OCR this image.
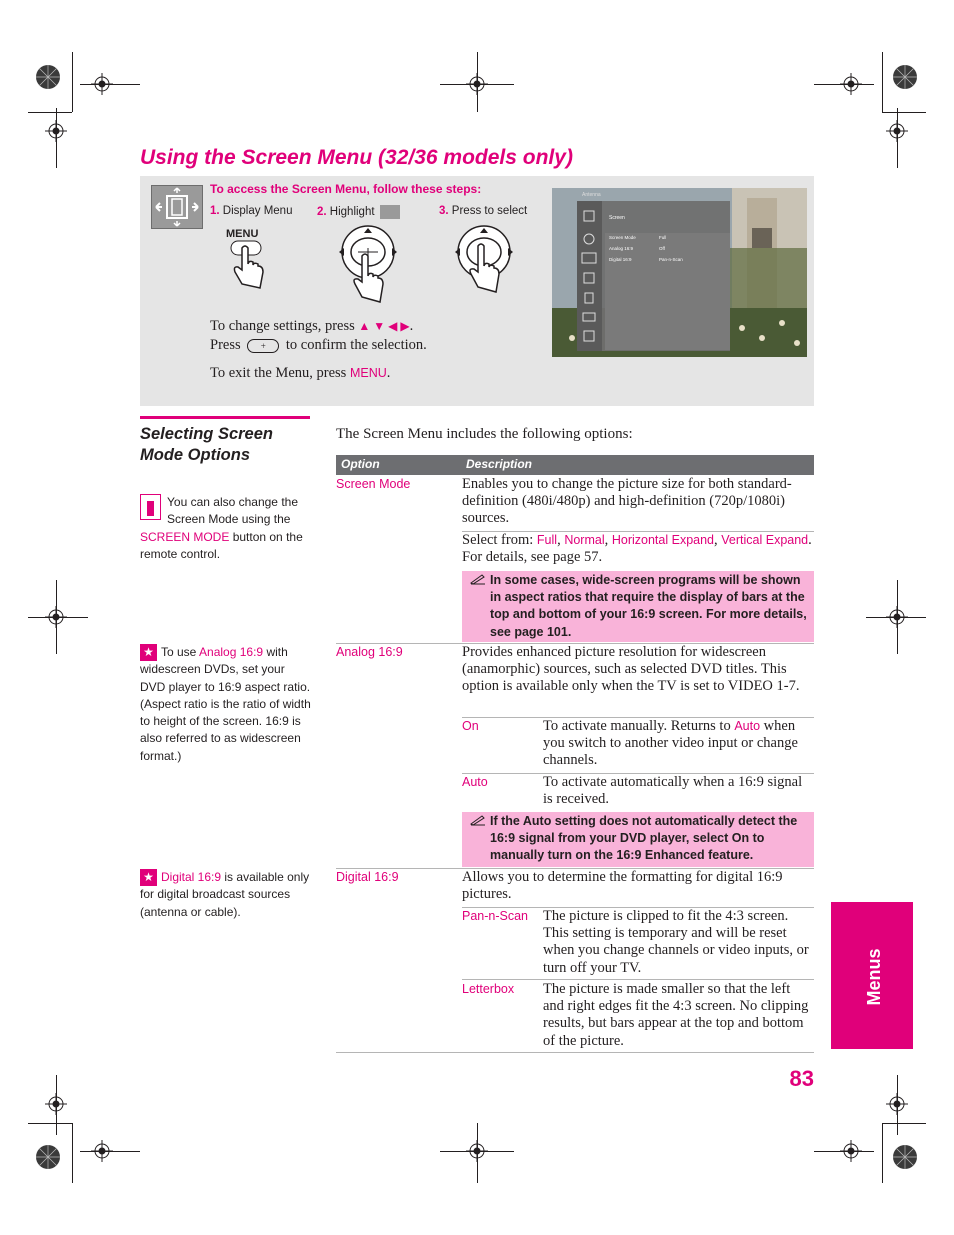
Using the Screen Menu (32/36 models only)
To access the Screen Menu, follow these steps:
1. Display Menu 2. Highlight	3. Press to select
MENU
To change settings, press ▲ ▼ ◀ ▶.
Press + to confirm the selection.
To exit the Menu, press MENU.
Antenna
Screen
Screen Mode	Full
Analog 16:9	Off
Digital 16:9	Pan-n-Scan
Selecting Screen Mode Options
You can also change the Screen Mode using the SCREEN MODE button on the remote control.
★ To use Analog 16:9 with widescreen DVDs, set your DVD player to 16:9 aspect ratio. (Aspect ratio is the ratio of width to height of the screen. 16:9 is also referred to as widescreen format.)
★ Digital 16:9 is available only for digital broadcast sources (antenna or cable).
The Screen Menu includes the following options:
Option	Description
Screen Mode	Enables you to change the picture size for both standard-definition (480i/480p) and high-definition (720p/1080i) sources.
Select from: Full, Normal, Horizontal Expand, Vertical Expand. For details, see page 57.
In some cases, wide-screen programs will be shown in aspect ratios that require the display of bars at the top and bottom of your 16:9 screen. For more details, see page 101.
Analog 16:9	Provides enhanced picture resolution for widescreen (anamorphic) sources, such as selected DVD titles. This option is available only when the TV is set to VIDEO 1-7.
On	To activate manually. Returns to Auto when you switch to another video input or change channels.
Auto	To activate automatically when a 16:9 signal is received.
If the Auto setting does not automatically detect the 16:9 signal from your DVD player, select On to manually turn on the 16:9 Enhanced feature.
Digital 16:9	Allows you to determine the formatting for digital 16:9 pictures.
Pan-n-Scan The picture is clipped to fit the 4:3 screen. This setting is temporary and will be reset when you change channels or video inputs, or turn off your TV.
Letterbox The picture is made smaller so that the left and right edges fit the 4:3 screen. No clipping results, but bars appear at the top and bottom of the picture.
Menus
83
